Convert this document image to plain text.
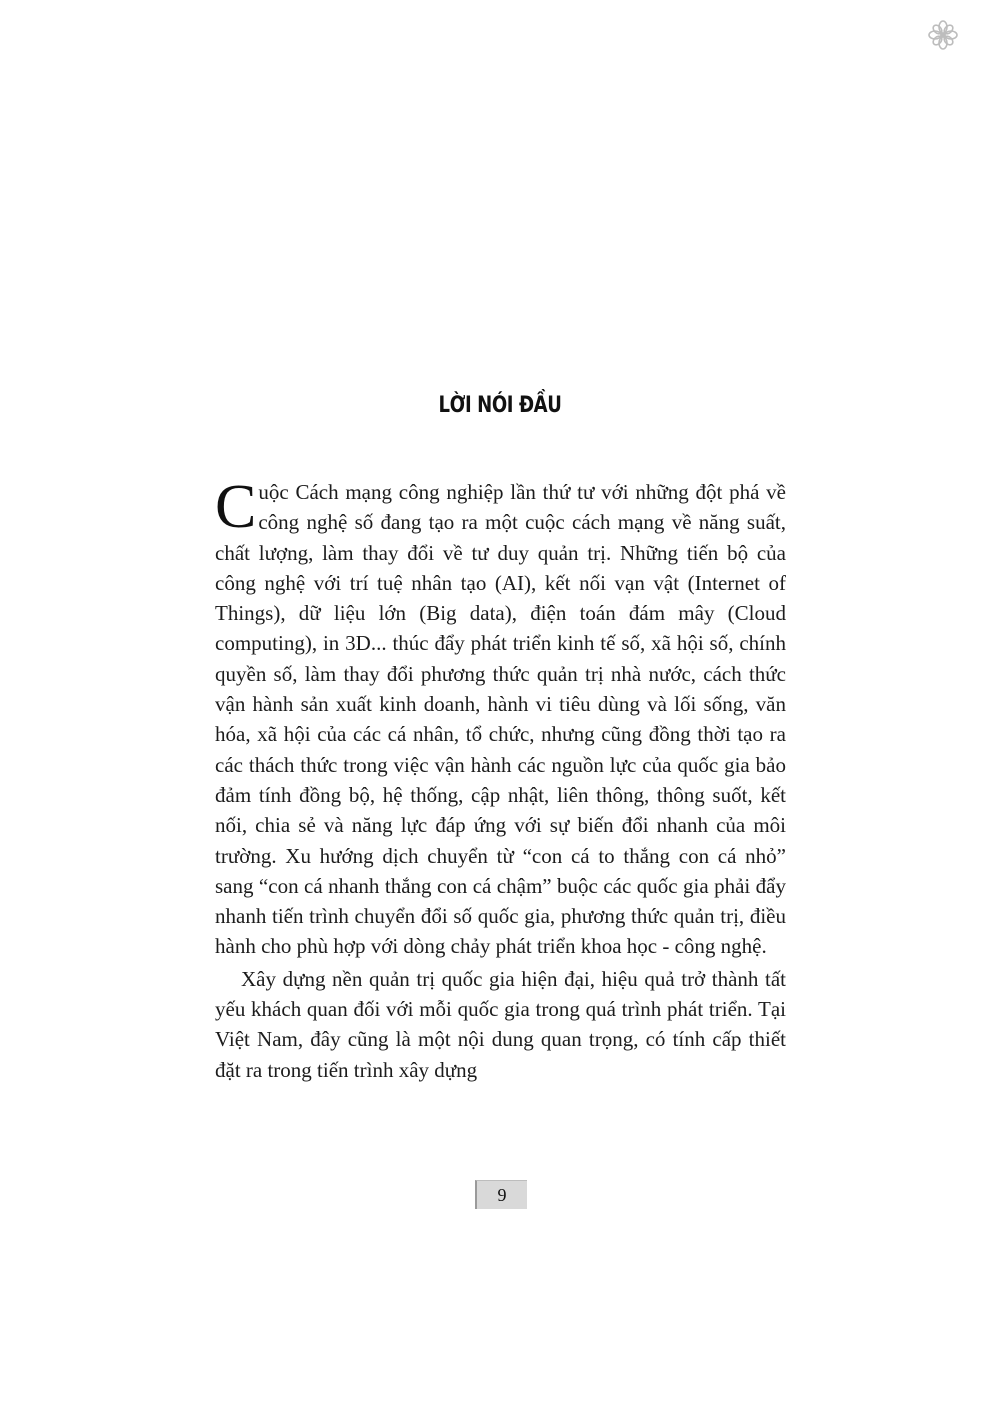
LỜI NÓI ĐẦU

Cuộc Cách mạng công nghiệp lần thứ tư với những đột phá về công nghệ số đang tạo ra một cuộc cách mạng về năng suất, chất lượng, làm thay đổi về tư duy quản trị. Những tiến bộ của công nghệ với trí tuệ nhân tạo (AI), kết nối vạn vật (Internet of Things), dữ liệu lớn (Big data), điện toán đám mây (Cloud computing), in 3D... thúc đẩy phát triển kinh tế số, xã hội số, chính quyền số, làm thay đổi phương thức quản trị nhà nước, cách thức vận hành sản xuất kinh doanh, hành vi tiêu dùng và lối sống, văn hóa, xã hội của các cá nhân, tổ chức, nhưng cũng đồng thời tạo ra các thách thức trong việc vận hành các nguồn lực của quốc gia bảo đảm tính đồng bộ, hệ thống, cập nhật, liên thông, thông suốt, kết nối, chia sẻ và năng lực đáp ứng với sự biến đổi nhanh của môi trường. Xu hướng dịch chuyển từ “con cá to thắng con cá nhỏ” sang “con cá nhanh thắng con cá chậm” buộc các quốc gia phải đẩy nhanh tiến trình chuyển đổi số quốc gia, phương thức quản trị, điều hành cho phù hợp với dòng chảy phát triển khoa học - công nghệ.

Xây dựng nền quản trị quốc gia hiện đại, hiệu quả trở thành tất yếu khách quan đối với mỗi quốc gia trong quá trình phát triển. Tại Việt Nam, đây cũng là một nội dung quan trọng, có tính cấp thiết đặt ra trong tiến trình xây dựng

9
